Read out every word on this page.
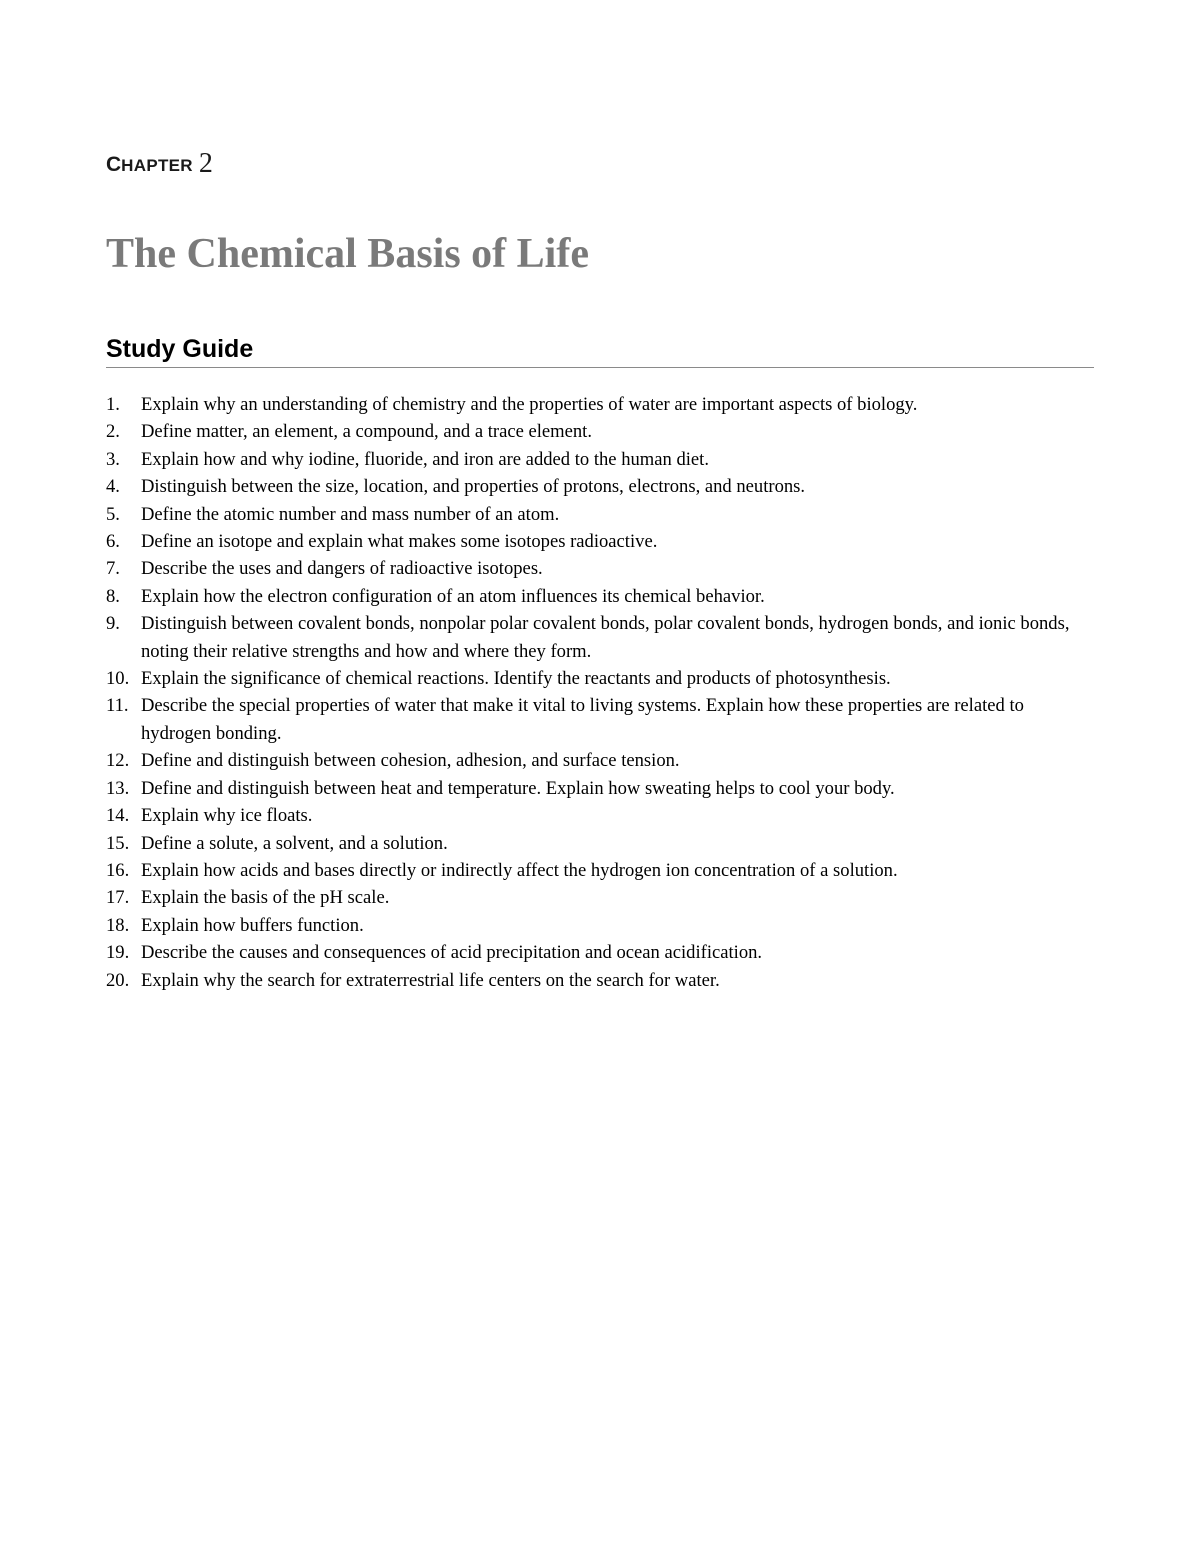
CHAPTER 2
The Chemical Basis of Life
Study Guide
1.	Explain why an understanding of chemistry and the properties of water are important aspects of biology.
2.	Define matter, an element, a compound, and a trace element.
3.	Explain how and why iodine, fluoride, and iron are added to the human diet.
4.	Distinguish between the size, location, and properties of protons, electrons, and neutrons.
5.	Define the atomic number and mass number of an atom.
6.	Define an isotope and explain what makes some isotopes radioactive.
7.	Describe the uses and dangers of radioactive isotopes.
8.	Explain how the electron configuration of an atom influences its chemical behavior.
9.	Distinguish between covalent bonds, nonpolar polar covalent bonds, polar covalent bonds, hydrogen bonds, and ionic bonds, noting their relative strengths and how and where they form.
10. Explain the significance of chemical reactions. Identify the reactants and products of photosynthesis.
11. Describe the special properties of water that make it vital to living systems. Explain how these properties are related to hydrogen bonding.
12. Define and distinguish between cohesion, adhesion, and surface tension.
13. Define and distinguish between heat and temperature. Explain how sweating helps to cool your body.
14. Explain why ice floats.
15. Define a solute, a solvent, and a solution.
16. Explain how acids and bases directly or indirectly affect the hydrogen ion concentration of a solution.
17. Explain the basis of the pH scale.
18. Explain how buffers function.
19. Describe the causes and consequences of acid precipitation and ocean acidification.
20. Explain why the search for extraterrestrial life centers on the search for water.
